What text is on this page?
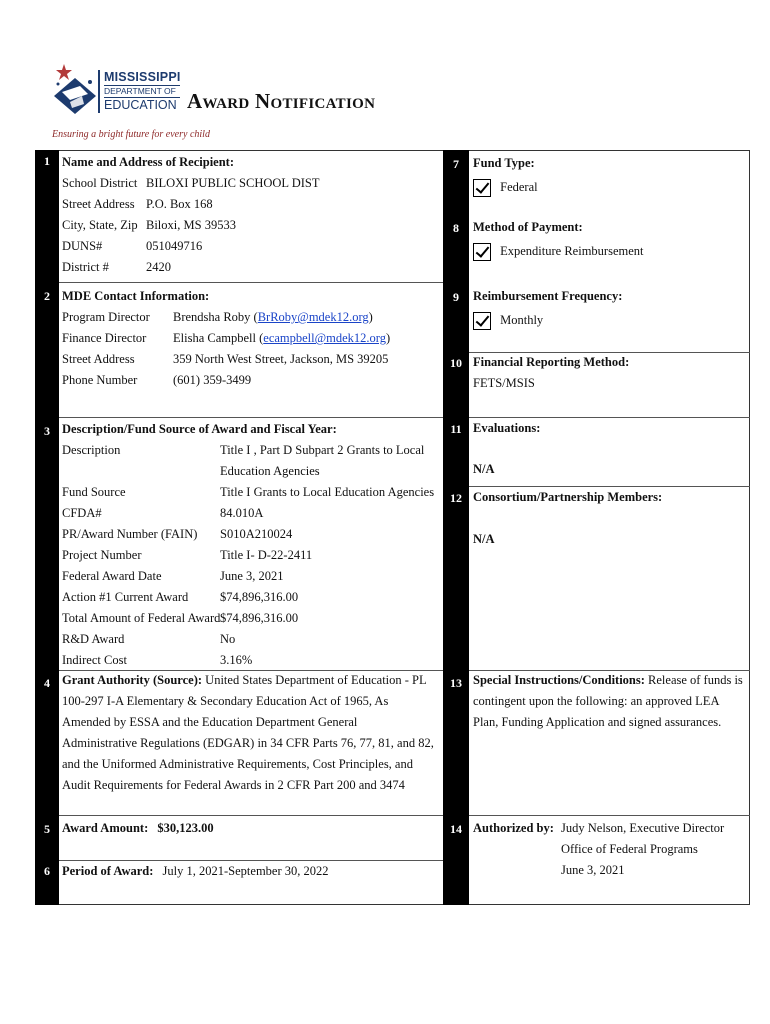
MISSISSIPPI
DEPARTMENT OF
EDUCATION
Ensuring a bright future for every child
Award Notification
1
2
3
4
5
6
7
8
9
10
11
12
13
14
Name and Address of Recipient:
School District BILOXI PUBLIC SCHOOL DIST
Street Address P.O. Box 168
City, State, Zip Biloxi, MS 39533
DUNS#	051049716
District #	2420
MDE Contact Information:
Program Director	Brendsha Roby (BrRoby@mdek12.org)
Finance Director	Elisha Campbell (ecampbell@mdek12.org)
Street Address	359 North West Street, Jackson, MS 39205
Phone Number	(601) 359-3499
Description/Fund Source of Award and Fiscal Year:
Description	Title I , Part D Subpart 2 Grants to Local
Education Agencies
Fund Source	Title I Grants to Local Education Agencies
CFDA#	84.010A
PR/Award Number (FAIN)	S010A210024
Project Number	Title I- D-22-2411
Federal Award Date	June 3, 2021
Action #1 Current Award	$74,896,316.00
Total Amount of Federal Award $74,896,316.00
R&D Award	No
Indirect Cost	3.16%
Grant Authority (Source): United States Department of Education - PL 100-297 I-A Elementary & Secondary Education Act of 1965, As Amended by ESSA and the Education Department General Administrative Regulations (EDGAR) in 34 CFR Parts 76, 77, 81, and 82, and the Uniformed Administrative Requirements, Cost Principles, and Audit Requirements for Federal Awards in 2 CFR Part 200 and 3474
Award Amount: $30,123.00
Period of Award: July 1, 2021-September 30, 2022
Fund Type:
Federal
Method of Payment:
Expenditure Reimbursement
Reimbursement Frequency:
Monthly
Financial Reporting Method:
FETS/MSIS
Evaluations:
N/A
Consortium/Partnership Members:
N/A
Special Instructions/Conditions: Release of funds is contingent upon the following: an approved LEA Plan, Funding Application and signed assurances.
Authorized by: Judy Nelson, Executive Director
Office of Federal Programs
June 3, 2021
